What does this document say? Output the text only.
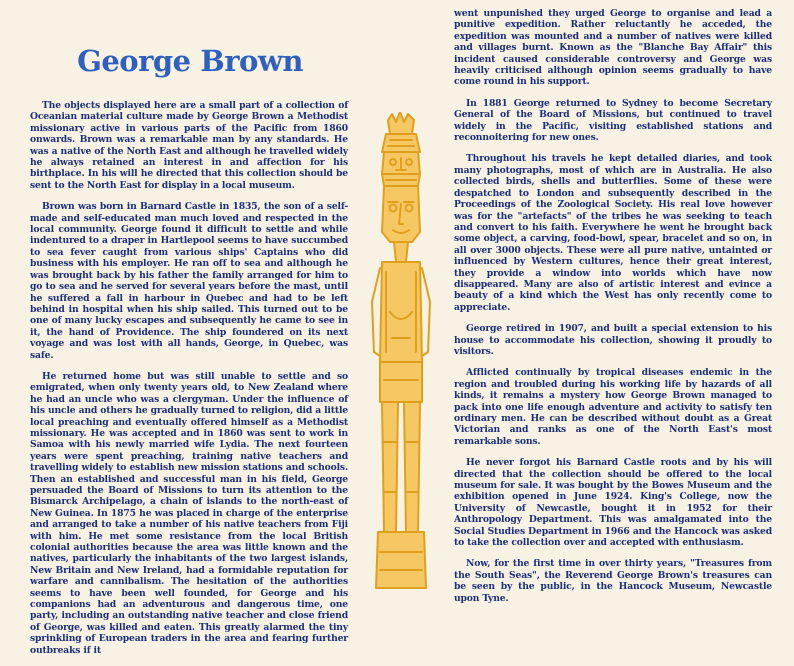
George Brown

The objects displayed here are a small part of a collection of Oceanian material culture made by George Brown a Methodist missionary active in various parts of the Pacific from 1860 onwards. Brown was a remarkable man by any standards. He was a native of the North East and although he travelled widely he always retained an interest in and affection for his birthplace. In his will he directed that this collection should be sent to the North East for display in a local museum.

Brown was born in Barnard Castle in 1835, the son of a self-made and self-educated man much loved and respected in the local community. George found it difficult to settle and while indentured to a draper in Hartlepool seems to have succumbed to sea fever caught from various ships' Captains who did business with his employer. He ran off to sea and although he was brought back by his father the family arranged for him to go to sea and he served for several years before the mast, until he suffered a fall in harbour in Quebec and had to be left behind in hospital when his ship sailed. This turned out to be one of many lucky escapes and subsequently he came to see in it, the hand of Providence. The ship foundered on its next voyage and was lost with all hands, George, in Quebec, was safe.

He returned home but was still unable to settle and so emigrated, when only twenty years old, to New Zealand where he had an uncle who was a clergyman. Under the influence of his uncle and others he gradually turned to religion, did a little local preaching and eventually offered himself as a Methodist missionary. He was accepted and in 1860 was sent to work in Samoa with his newly married wife Lydia. The next fourteen years were spent preaching, training native teachers and travelling widely to establish new mission stations and schools. Then an established and successful man in his field, George persuaded the Board of Missions to turn its attention to the Bismarck Archipelago, a chain of islands to the north-east of New Guinea. In 1875 he was placed in charge of the enterprise and arranged to take a number of his native teachers from Fiji with him. He met some resistance from the local British colonial authorities because the area was little known and the natives, particularly the inhabitants of the two largest islands, New Britain and New Ireland, had a formidable reputation for warfare and cannibalism. The hesitation of the authorities seems to have been well founded, for George and his companions had an adventurous and dangerous time, one party, including an outstanding native teacher and close friend of George, was killed and eaten. This greatly alarmed the tiny sprinkling of European traders in the area and fearing further outbreaks if it

went unpunished they urged George to organise and lead a punitive expedition. Rather reluctantly he acceded, the expedition was mounted and a number of natives were killed and villages burnt. Known as the "Blanche Bay Affair" this incident caused considerable controversy and George was heavily criticised although opinion seems gradually to have come round in his support.

In 1881 George returned to Sydney to become Secretary General of the Board of Missions, but continued to travel widely in the Pacific, visiting established stations and reconnoitering for new ones.

Throughout his travels he kept detailed diaries, and took many photographs, most of which are in Australia. He also collected birds, shells and butterflies. Some of these were despatched to London and subsequently described in the Proceedings of the Zoological Society. His real love however was for the "artefacts" of the tribes he was seeking to teach and convert to his faith. Everywhere he went he brought back some object, a carving, food-bowl, spear, bracelet and so on, in all over 3000 objects. These were all pure native, untainted or influenced by Western cultures, hence their great interest, they provide a window into worlds which have now disappeared. Many are also of artistic interest and evince a beauty of a kind which the West has only recently come to appreciate.

George retired in 1907, and built a special extension to his house to accommodate his collection, showing it proudly to visitors.

Afflicted continually by tropical diseases endemic in the region and troubled during his working life by hazards of all kinds, it remains a mystery how George Brown managed to pack into one life enough adventure and activity to satisfy ten ordinary men. He can be described without doubt as a Great Victorian and ranks as one of the North East's most remarkable sons.

He never forgot his Barnard Castle roots and by his will directed that the collection should be offered to the local museum for sale. It was bought by the Bowes Museum and the exhibition opened in June 1924. King's College, now the University of Newcastle, bought it in 1952 for their Anthropology Department. This was amalgamated into the Social Studies Department in 1966 and the Hancock was asked to take the collection over and accepted with enthusiasm.

Now, for the first time in over thirty years, "Treasures from the South Seas", the Reverend George Brown's treasures can be seen by the public, in the Hancock Museum, Newcastle upon Tyne.
